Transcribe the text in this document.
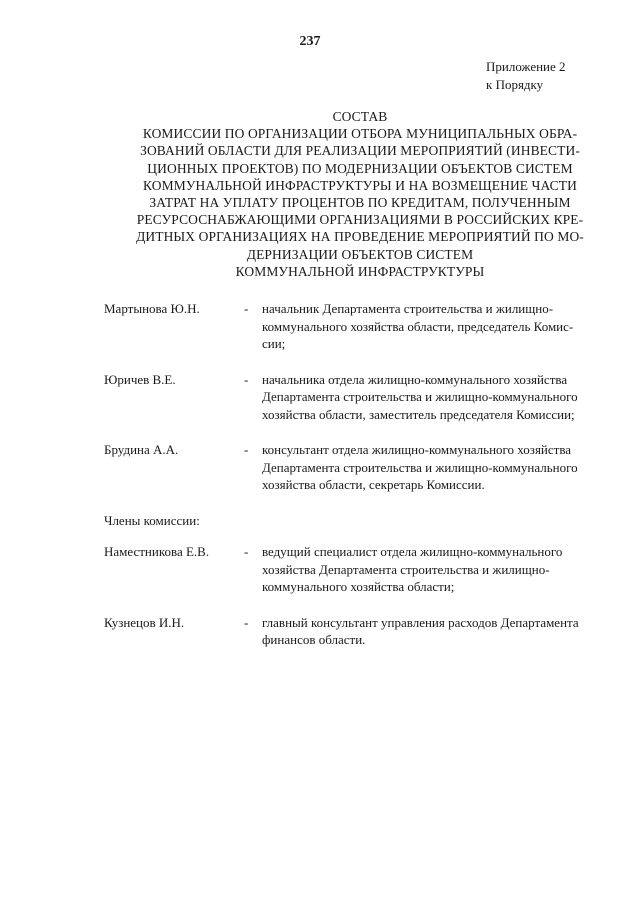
237
Приложение 2
к Порядку
СОСТАВ
КОМИССИИ ПО ОРГАНИЗАЦИИ ОТБОРА МУНИЦИПАЛЬНЫХ ОБРА-
ЗОВАНИЙ ОБЛАСТИ ДЛЯ РЕАЛИЗАЦИИ МЕРОПРИЯТИЙ (ИНВЕСТИ-
ЦИОННЫХ ПРОЕКТОВ) ПО МОДЕРНИЗАЦИИ ОБЪЕКТОВ СИСТЕМ
КОММУНАЛЬНОЙ ИНФРАСТРУКТУРЫ И НА ВОЗМЕЩЕНИЕ ЧАСТИ
ЗАТРАТ НА УПЛАТУ ПРОЦЕНТОВ ПО КРЕДИТАМ, ПОЛУЧЕННЫМ
РЕСУРСОСНАБЖАЮЩИМИ ОРГАНИЗАЦИЯМИ В РОССИЙСКИХ КРЕ-
ДИТНЫХ ОРГАНИЗАЦИЯХ НА ПРОВЕДЕНИЕ МЕРОПРИЯТИЙ ПО МО-
ДЕРНИЗАЦИИ ОБЪЕКТОВ СИСТЕМ
КОММУНАЛЬНОЙ ИНФРАСТРУКТУРЫ
Мартынова Ю.Н.	-	начальник Департамента строительства и жилищно-
коммунального хозяйства области, председатель Комис-
сии;
Юричев В.Е.	-	начальника отдела жилищно-коммунального хозяйства
Департамента строительства и жилищно-коммунального
хозяйства области, заместитель председателя Комиссии;
Брудина А.А.	-	консультант отдела жилищно-коммунального хозяйства
Департамента строительства и жилищно-коммунального
хозяйства области, секретарь Комиссии.
Члены комиссии:
Наместникова Е.В.	-	ведущий специалист отдела жилищно-коммунального
хозяйства Департамента строительства и жилищно-
коммунального хозяйства области;
Кузнецов И.Н.	-	главный консультант управления расходов Департамента
финансов области.
